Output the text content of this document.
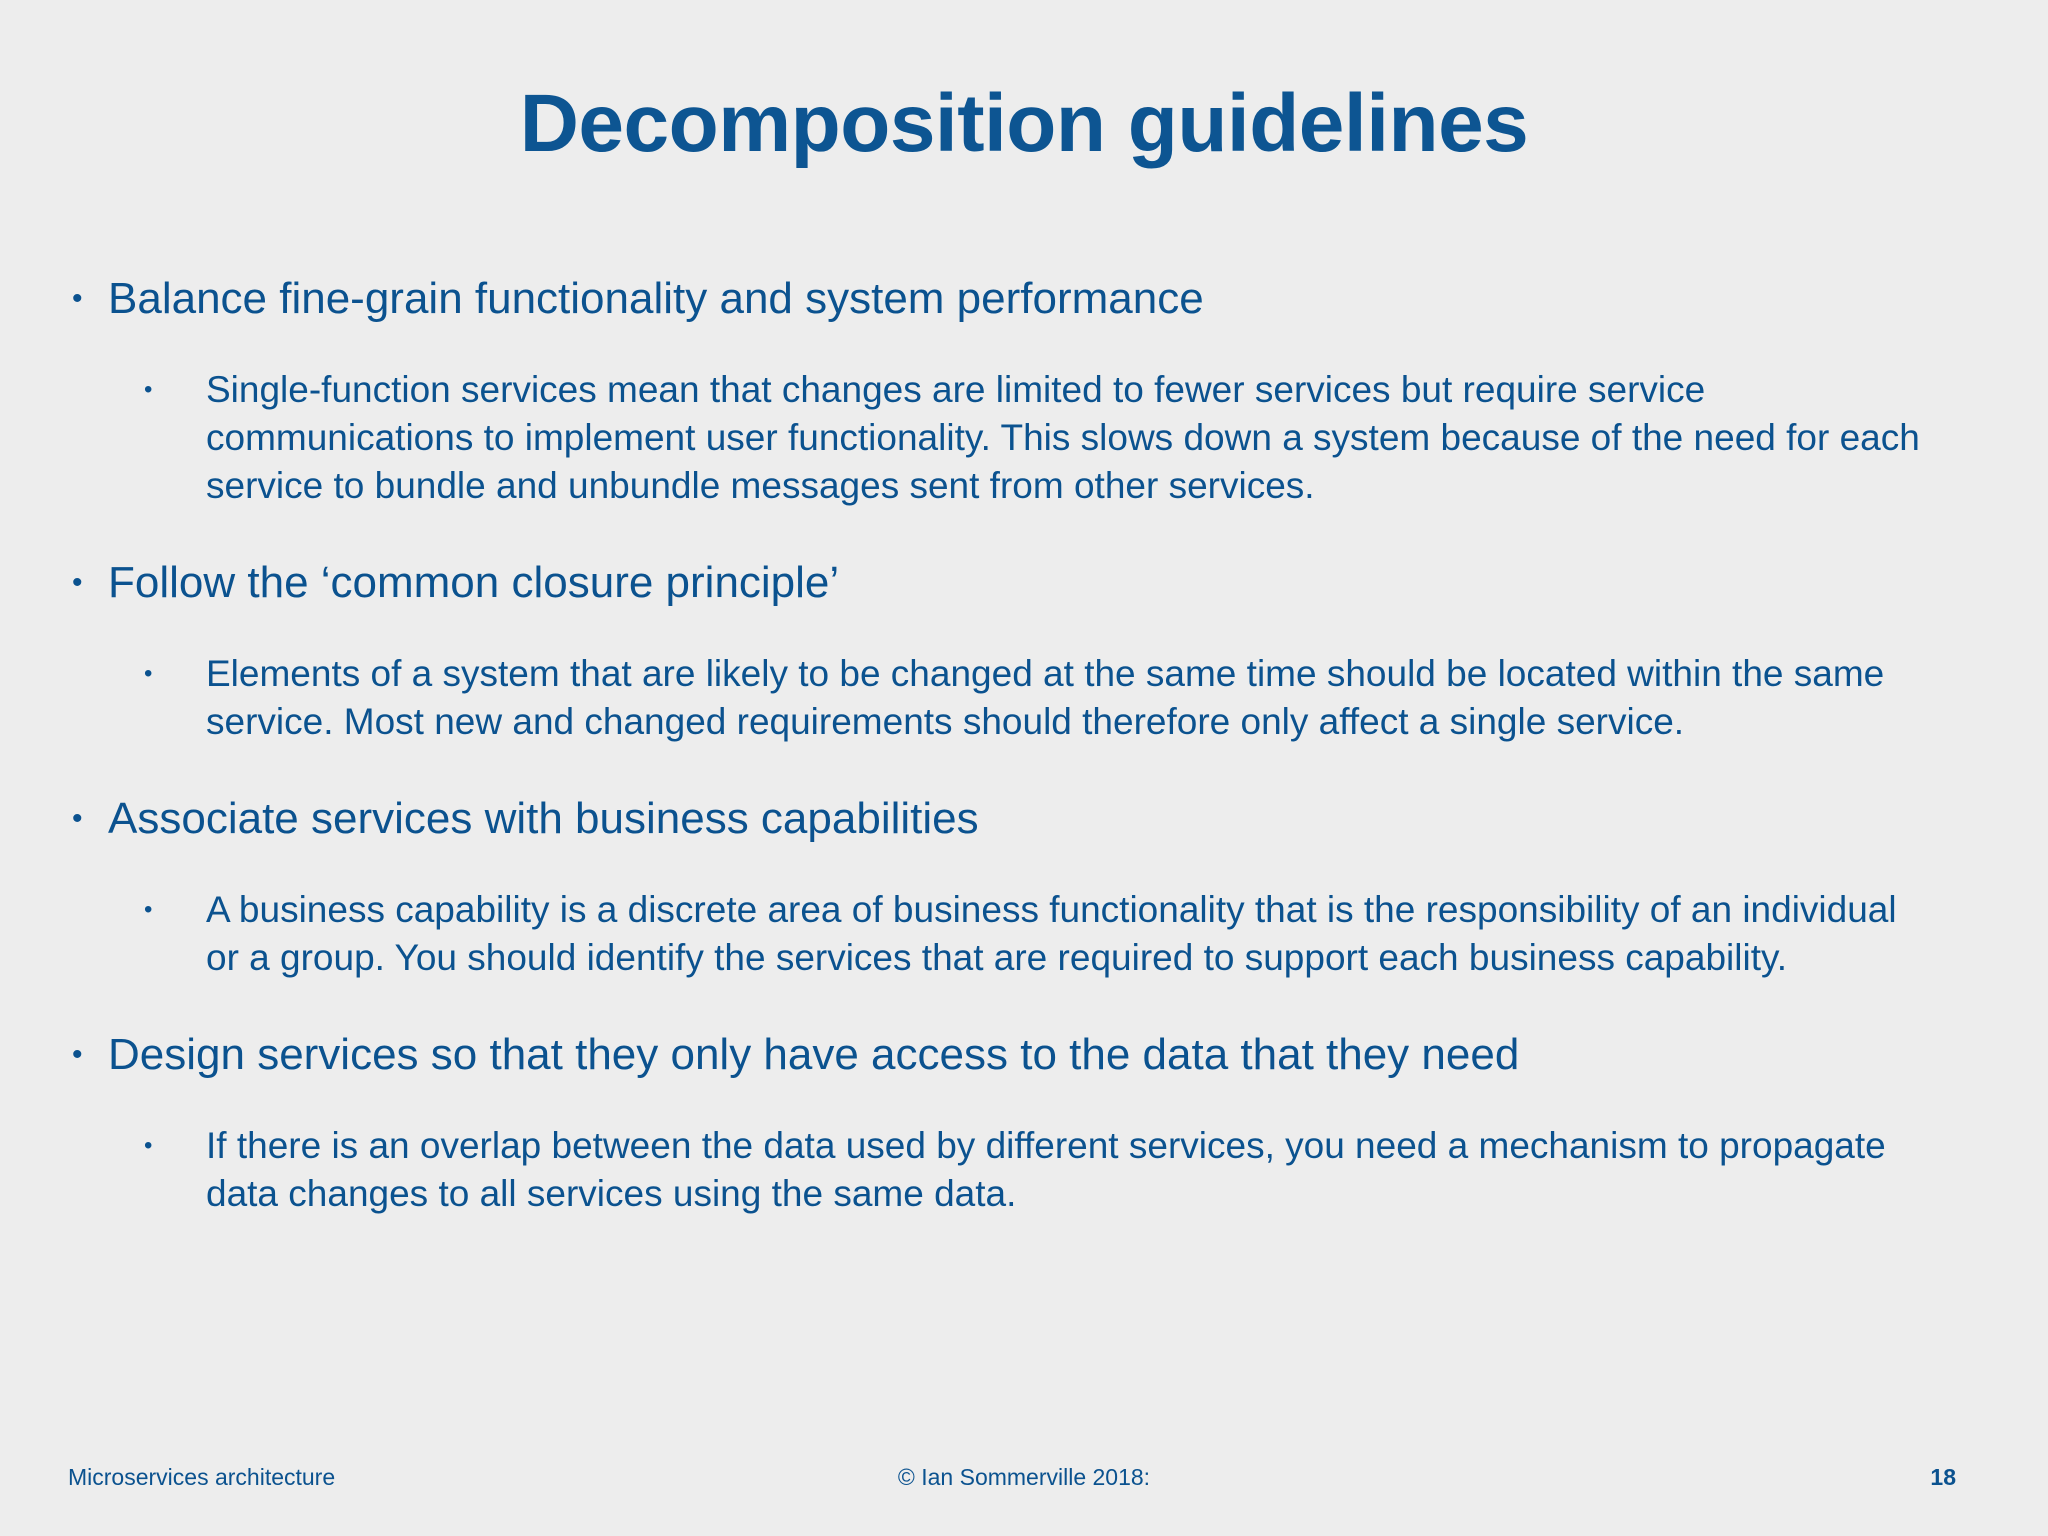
Decomposition guidelines
• Balance fine-grain functionality and system performance
•	Single-function services mean that changes are limited to fewer services but require service communications to implement user functionality. This slows down a system because of the need for each service to bundle and unbundle messages sent from other services.
• Follow the ‘common closure principle’
•	Elements of a system that are likely to be changed at the same time should be located within the same service. Most new and changed requirements should therefore only affect a single service.
• Associate services with business capabilities
•	A business capability is a discrete area of business functionality that is the responsibility of an individual or a group. You should identify the services that are required to support each business capability.
• Design services so that they only have access to the data that they need
•	If there is an overlap between the data used by different services, you need a mechanism to propagate data changes to all services using the same data.
Microservices architecture	© Ian Sommerville 2018:	18
